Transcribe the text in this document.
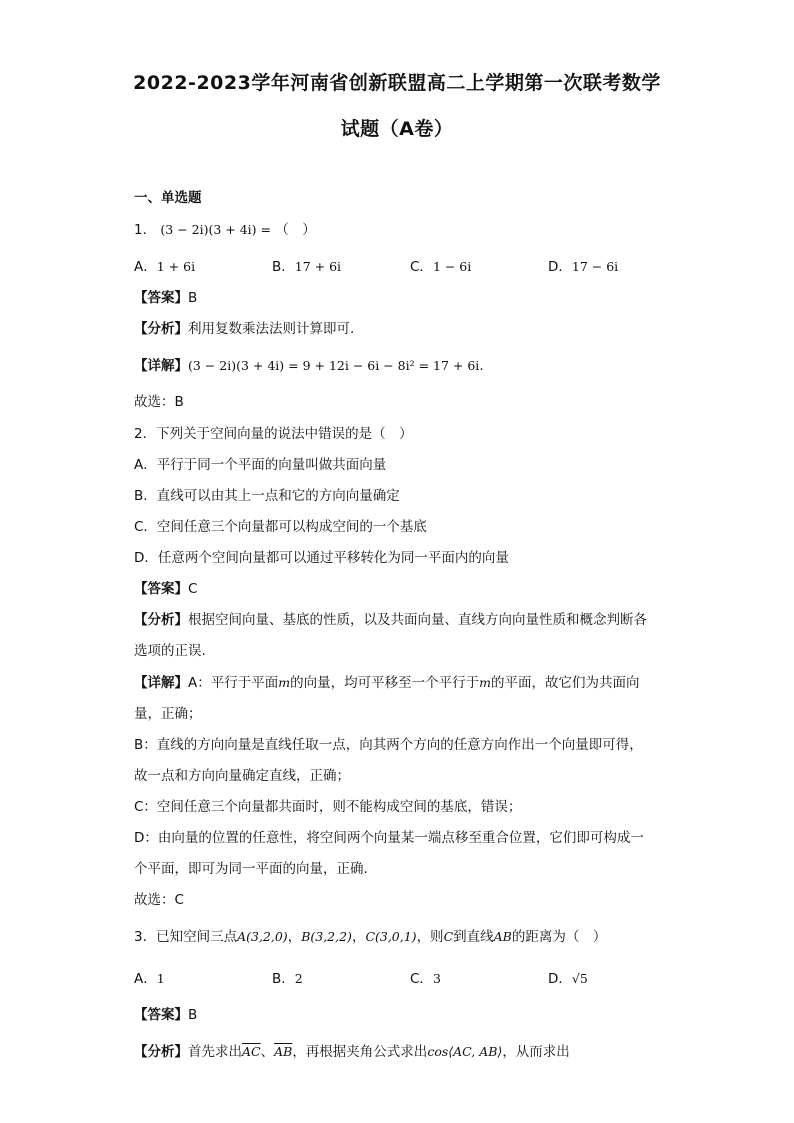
2022-2023学年河南省创新联盟高二上学期第一次联考数学
试题（A卷）
一、单选题
1． (3 − 2i)(3 + 4i) = （　）
A．1 + 6i	B．17 + 6i	C．1 − 6i	D．17 − 6i
【答案】B
【分析】利用复数乘法法则计算即可.
【详解】(3 − 2i)(3 + 4i) = 9 + 12i − 6i − 8i² = 17 + 6i.
故选：B
2．下列关于空间向量的说法中错误的是（　）
A．平行于同一个平面的向量叫做共面向量
B．直线可以由其上一点和它的方向向量确定
C．空间任意三个向量都可以构成空间的一个基底
D．任意两个空间向量都可以通过平移转化为同一平面内的向量
【答案】C
【分析】根据空间向量、基底的性质，以及共面向量、直线方向向量性质和概念判断各
选项的正误.
【详解】A：平行于平面m的向量，均可平移至一个平行于m的平面，故它们为共面向
量，正确；
B：直线的方向向量是直线任取一点，向其两个方向的任意方向作出一个向量即可得，
故一点和方向向量确定直线，正确；
C：空间任意三个向量都共面时，则不能构成空间的基底，错误；
D：由向量的位置的任意性，将空间两个向量某一端点移至重合位置，它们即可构成一
个平面，即可为同一平面的向量，正确.
故选：C
3．已知空间三点A(3,2,0)，B(3,2,2)，C(3,0,1)，则C到直线AB的距离为（　）
A．1	B．2	C．3	D．√5
【答案】B
【分析】首先求出$\overline{AC}$、$\overline{AB}$，再根据夹角公式求出cos⟨AC, AB⟩，从而求出
